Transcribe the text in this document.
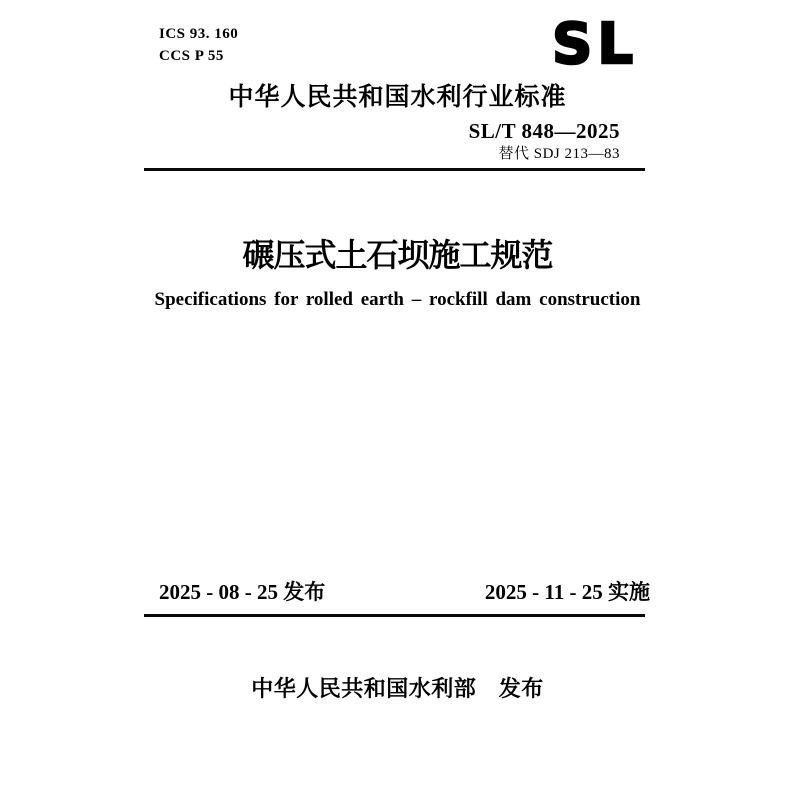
ICS 93. 160
CCS P 55	SL
中华人民共和国水利行业标准
SL/T 848—2025
替代 SDJ 213—83
碾压式土石坝施工规范
Specifications for rolled earth – rockfill dam construction
2025 - 08 - 25 发布	2025 - 11 - 25 实施
中华人民共和国水利部　发布
